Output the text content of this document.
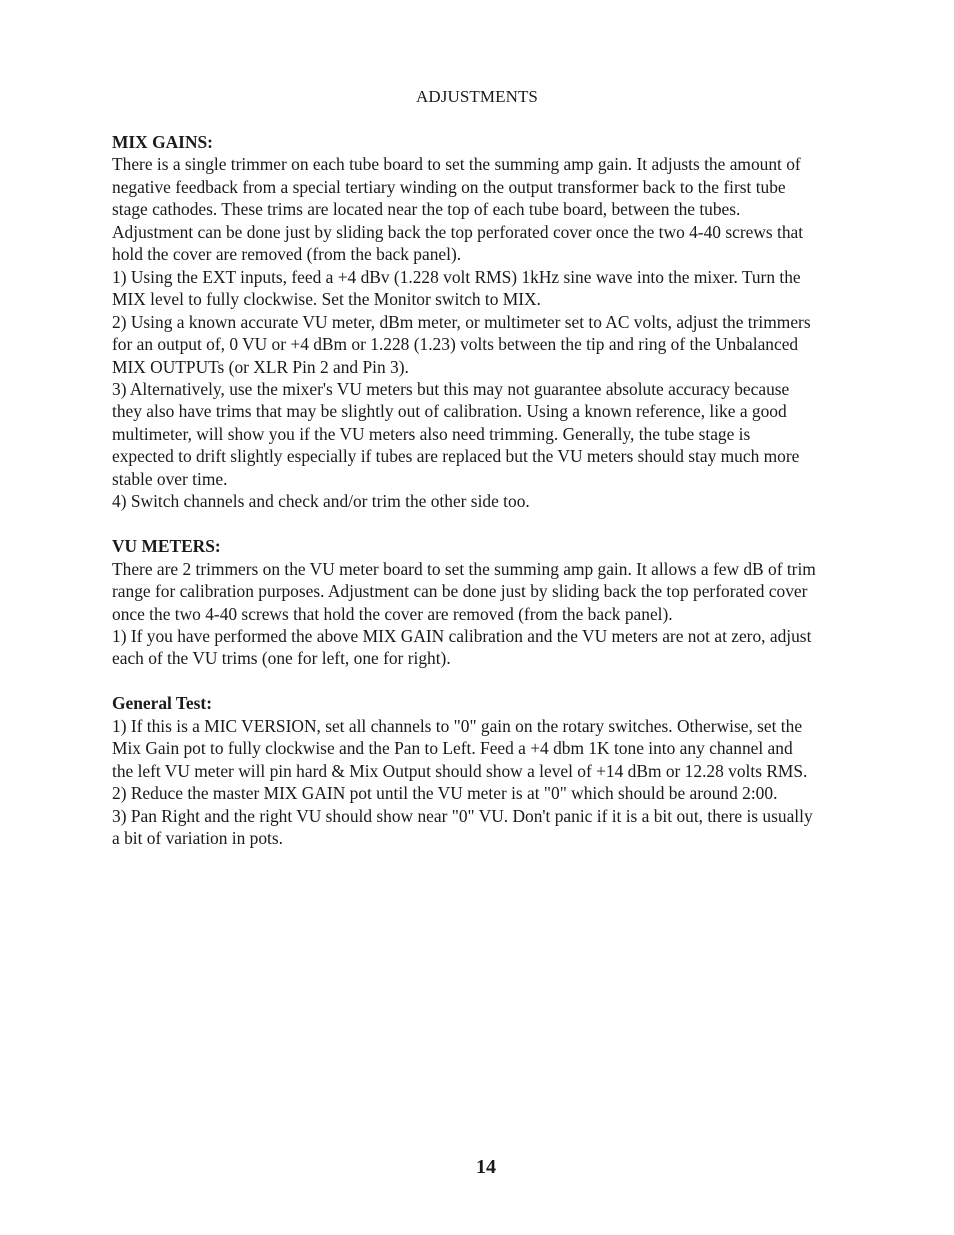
ADJUSTMENTS

MIX GAINS:

There is a single trimmer on each tube board to set the summing amp gain. It adjusts the amount of
negative feedback from a special tertiary winding on the output transformer back to the first tube
stage cathodes. These trims are located near the top of each tube board, between the tubes.
Adjustment can be done just by sliding back the top perforated cover once the two 4-40 screws that
hold the cover are removed (from the back panel).

1) Using the EXT inputs, feed a +4 dBv (1.228 volt RMS) 1kHz sine wave into the mixer. Turn the
MIX level to fully clockwise. Set the Monitor switch to MIX.

2) Using a known accurate VU meter, dBm meter, or multimeter set to AC volts, adjust the trimmers
for an output of, 0 VU or +4 dBm or 1.228 (1.23) volts between the tip and ring of the Unbalanced
MIX OUTPUTs (or XLR Pin 2 and Pin 3).

3) Alternatively, use the mixer's VU meters but this may not guarantee absolute accuracy because
they also have trims that may be slightly out of calibration. Using a known reference, like a good
multimeter, will show you if the VU meters also need trimming. Generally, the tube stage is
expected to drift slightly especially if tubes are replaced but the VU meters should stay much more
stable over time.

4) Switch channels and check and/or trim the other side too.

VU METERS:

There are 2 trimmers on the VU meter board to set the summing amp gain. It allows a few dB of trim
range for calibration purposes. Adjustment can be done just by sliding back the top perforated cover
once the two 4-40 screws that hold the cover are removed (from the back panel).

1) If you have performed the above MIX GAIN calibration and the VU meters are not at zero, adjust
each of the VU trims (one for left, one for right).

General Test:

1) If this is a MIC VERSION, set all channels to "0" gain on the rotary switches. Otherwise, set the
Mix Gain pot to fully clockwise and the Pan to Left. Feed a +4 dbm 1K tone into any channel and
the left VU meter will pin hard & Mix Output should show a level of +14 dBm or 12.28 volts RMS.

2) Reduce the master MIX GAIN pot until the VU meter is at "0" which should be around 2:00.

3) Pan Right and the right VU should show near "0" VU. Don't panic if it is a bit out, there is usually
a bit of variation in pots.

14
